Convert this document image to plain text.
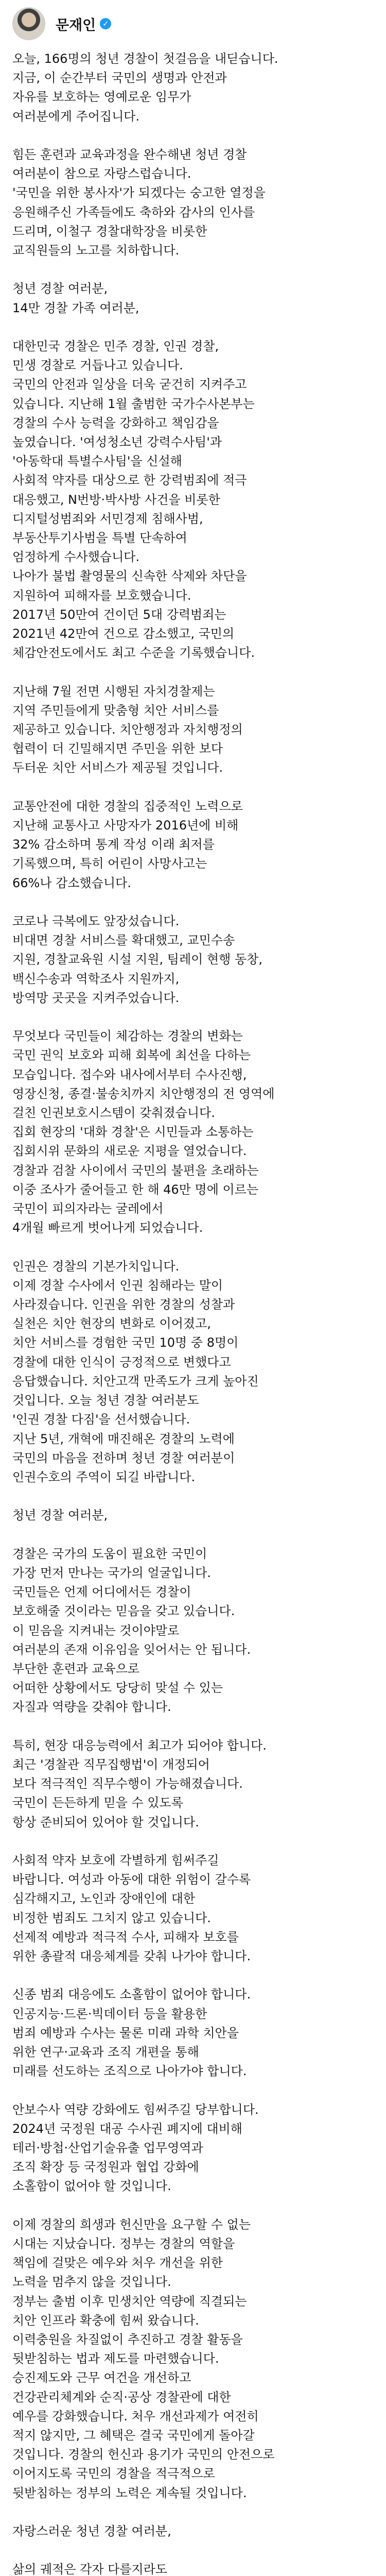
문재인 ✓

오늘, 166명의 청년 경찰이 첫걸음을 내딛습니다.
지금, 이 순간부터 국민의 생명과 안전과
자유를 보호하는 영예로운 임무가
여러분에게 주어집니다.

힘든 훈련과 교육과정을 완수해낸 청년 경찰
여러분이 참으로 자랑스럽습니다.
'국민을 위한 봉사자'가 되겠다는 숭고한 열정을
응원해주신 가족들에도 축하와 감사의 인사를
드리며, 이철구 경찰대학장을 비롯한
교직원들의 노고를 치하합니다.

청년 경찰 여러분,
14만 경찰 가족 여러분,

대한민국 경찰은 민주 경찰, 인권 경찰,
민생 경찰로 거듭나고 있습니다.
국민의 안전과 일상을 더욱 굳건히 지켜주고
있습니다. 지난해 1월 출범한 국가수사본부는
경찰의 수사 능력을 강화하고 책임감을
높였습니다. '여성청소년 강력수사팀'과
'아동학대 특별수사팀'을 신설해
사회적 약자를 대상으로 한 강력범죄에 적극
대응했고, N번방·박사방 사건을 비롯한
디지털성범죄와 서민경제 침해사범,
부동산투기사범을 특별 단속하여
엄정하게 수사했습니다.
나아가 불법 촬영물의 신속한 삭제와 차단을
지원하여 피해자를 보호했습니다.
2017년 50만여 건이던 5대 강력범죄는
2021년 42만여 건으로 감소했고, 국민의
체감안전도에서도 최고 수준을 기록했습니다.

지난해 7월 전면 시행된 자치경찰제는
지역 주민들에게 맞춤형 치안 서비스를
제공하고 있습니다. 치안행정과 자치행정의
협력이 더 긴밀해지면 주민을 위한 보다
두터운 치안 서비스가 제공될 것입니다.

교통안전에 대한 경찰의 집중적인 노력으로
지난해 교통사고 사망자가 2016년에 비해
32% 감소하며 통계 작성 이래 최저를
기록했으며, 특히 어린이 사망사고는
66%나 감소했습니다.

코로나 극복에도 앞장섰습니다.
비대면 경찰 서비스를 확대했고, 교민수송
지원, 경찰교육원 시설 지원, 팀레이 현행 동창,
백신수송과 역학조사 지원까지,
방역망 곳곳을 지켜주었습니다.

무엇보다 국민들이 체감하는 경찰의 변화는
국민 권익 보호와 피해 회복에 최선을 다하는
모습입니다. 접수와 내사에서부터 수사진행,
영장신청, 종결·불송치까지 치안행정의 전 영역에
걸친 인권보호시스템이 갖춰졌습니다.
집회 현장의 '대화 경찰'은 시민들과 소통하는
집회시위 문화의 새로운 지평을 열었습니다.
경찰과 검찰 사이에서 국민의 불편을 초래하는
이중 조사가 줄어들고 한 해 46만 명에 이르는
국민이 피의자라는 굴레에서
4개월 빠르게 벗어나게 되었습니다.

인권은 경찰의 기본가치입니다.
이제 경찰 수사에서 인권 침해라는 말이
사라졌습니다. 인권을 위한 경찰의 성찰과
실천은 치안 현장의 변화로 이어졌고,
치안 서비스를 경험한 국민 10명 중 8명이
경찰에 대한 인식이 긍정적으로 변했다고
응답했습니다. 치안고객 만족도가 크게 높아진
것입니다. 오늘 청년 경찰 여러분도
'인권 경찰 다짐'을 선서했습니다.
지난 5년, 개혁에 매진해온 경찰의 노력에
국민의 마음을 전하며 청년 경찰 여러분이
인권수호의 주역이 되길 바랍니다.

청년 경찰 여러분,

경찰은 국가의 도움이 필요한 국민이
가장 먼저 만나는 국가의 얼굴입니다.
국민들은 언제 어디에서든 경찰이
보호해줄 것이라는 믿음을 갖고 있습니다.
이 믿음을 지켜내는 것이야말로
여러분의 존재 이유임을 잊어서는 안 됩니다.
부단한 훈련과 교육으로
어떠한 상황에서도 당당히 맞설 수 있는
자질과 역량을 갖춰야 합니다.

특히, 현장 대응능력에서 최고가 되어야 합니다.
최근 '경찰관 직무집행법'이 개정되어
보다 적극적인 직무수행이 가능해졌습니다.
국민이 든든하게 믿을 수 있도록
항상 준비되어 있어야 할 것입니다.

사회적 약자 보호에 각별하게 힘써주길
바랍니다. 여성과 아동에 대한 위험이 갈수록
심각해지고, 노인과 장애인에 대한
비정한 범죄도 그치지 않고 있습니다.
선제적 예방과 적극적 수사, 피해자 보호를
위한 총괄적 대응체계를 갖춰 나가야 합니다.

신종 범죄 대응에도 소홀함이 없어야 합니다.
인공지능·드론·빅데이터 등을 활용한
범죄 예방과 수사는 물론 미래 과학 치안을
위한 연구·교육과 조직 개편을 통해
미래를 선도하는 조직으로 나아가야 합니다.

안보수사 역량 강화에도 힘써주길 당부합니다.
2024년 국정원 대공 수사권 폐지에 대비해
테러·방첩·산업기술유출 업무영역과
조직 확장 등 국정원과 협업 강화에
소홀함이 없어야 할 것입니다.

이제 경찰의 희생과 헌신만을 요구할 수 없는
시대는 지났습니다. 정부는 경찰의 역할을
책임에 걸맞은 예우와 처우 개선을 위한
노력을 멈추지 않을 것입니다.
정부는 출범 이후 민생치안 역량에 직결되는
치안 인프라 확충에 힘써 왔습니다.
이력충원을 차질없이 추진하고 경찰 활동을
뒷받침하는 법과 제도를 마련했습니다.
승진제도와 근무 여건을 개선하고
건강관리체계와 순직·공상 경찰관에 대한
예우를 강화했습니다. 처우 개선과제가 여전히
적지 않지만, 그 혜택은 결국 국민에게 돌아갈
것입니다. 경찰의 헌신과 용기가 국민의 안전으로
이어지도록 국민의 경찰을 적극적으로
뒷받침하는 정부의 노력은 계속될 것입니다.

자랑스러운 청년 경찰 여러분,

삶의 궤적은 각자 다를지라도
